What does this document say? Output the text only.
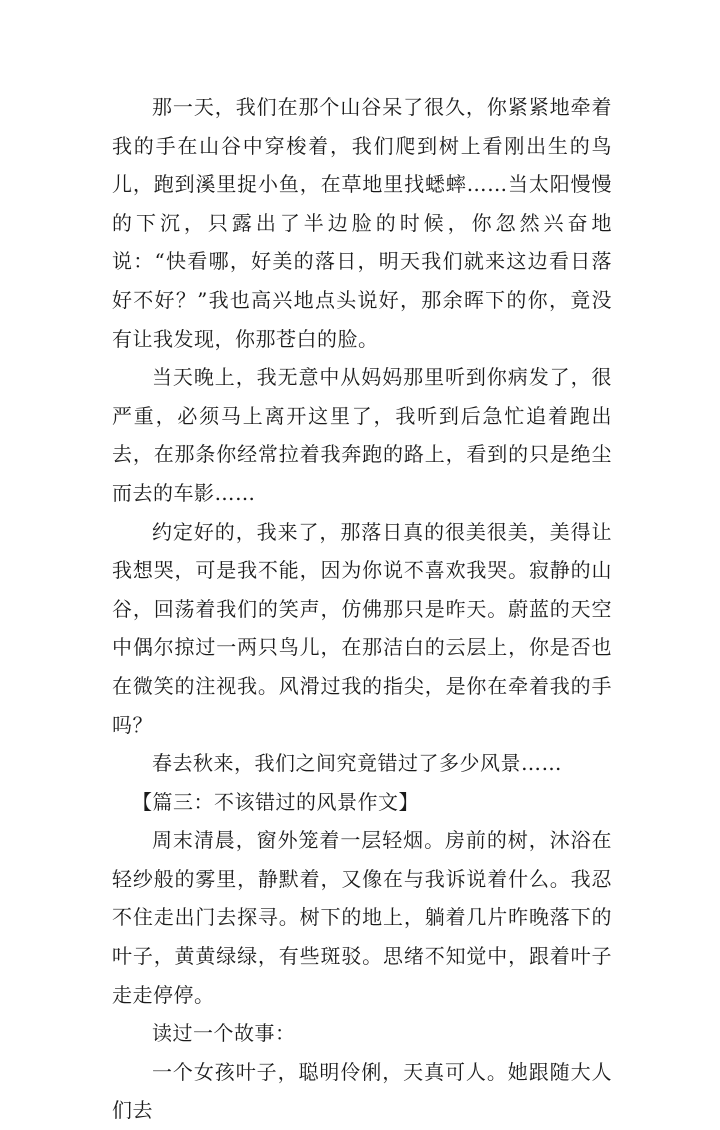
那一天，我们在那个山谷呆了很久，你紧紧地牵着我的手在山谷中穿梭着，我们爬到树上看刚出生的鸟儿，跑到溪里捉小鱼，在草地里找蟋蟀……当太阳慢慢的下沉，只露出了半边脸的时候，你忽然兴奋地说：“快看哪，好美的落日，明天我们就来这边看日落好不好？”我也高兴地点头说好，那余晖下的你，竟没有让我发现，你那苍白的脸。

当天晚上，我无意中从妈妈那里听到你病发了，很严重，必须马上离开这里了，我听到后急忙追着跑出去，在那条你经常拉着我奔跑的路上，看到的只是绝尘而去的车影……

约定好的，我来了，那落日真的很美很美，美得让我想哭，可是我不能，因为你说不喜欢我哭。寂静的山谷，回荡着我们的笑声，仿佛那只是昨天。蔚蓝的天空中偶尔掠过一两只鸟儿，在那洁白的云层上，你是否也在微笑的注视我。风滑过我的指尖，是你在牵着我的手吗？

春去秋来，我们之间究竟错过了多少风景……

【篇三：不该错过的风景作文】

周末清晨，窗外笼着一层轻烟。房前的树，沐浴在轻纱般的雾里，静默着，又像在与我诉说着什么。我忍不住走出门去探寻。树下的地上，躺着几片昨晚落下的叶子，黄黄绿绿，有些斑驳。思绪不知觉中，跟着叶子走走停停。

读过一个故事：

一个女孩叶子，聪明伶俐，天真可人。她跟随大人们去
